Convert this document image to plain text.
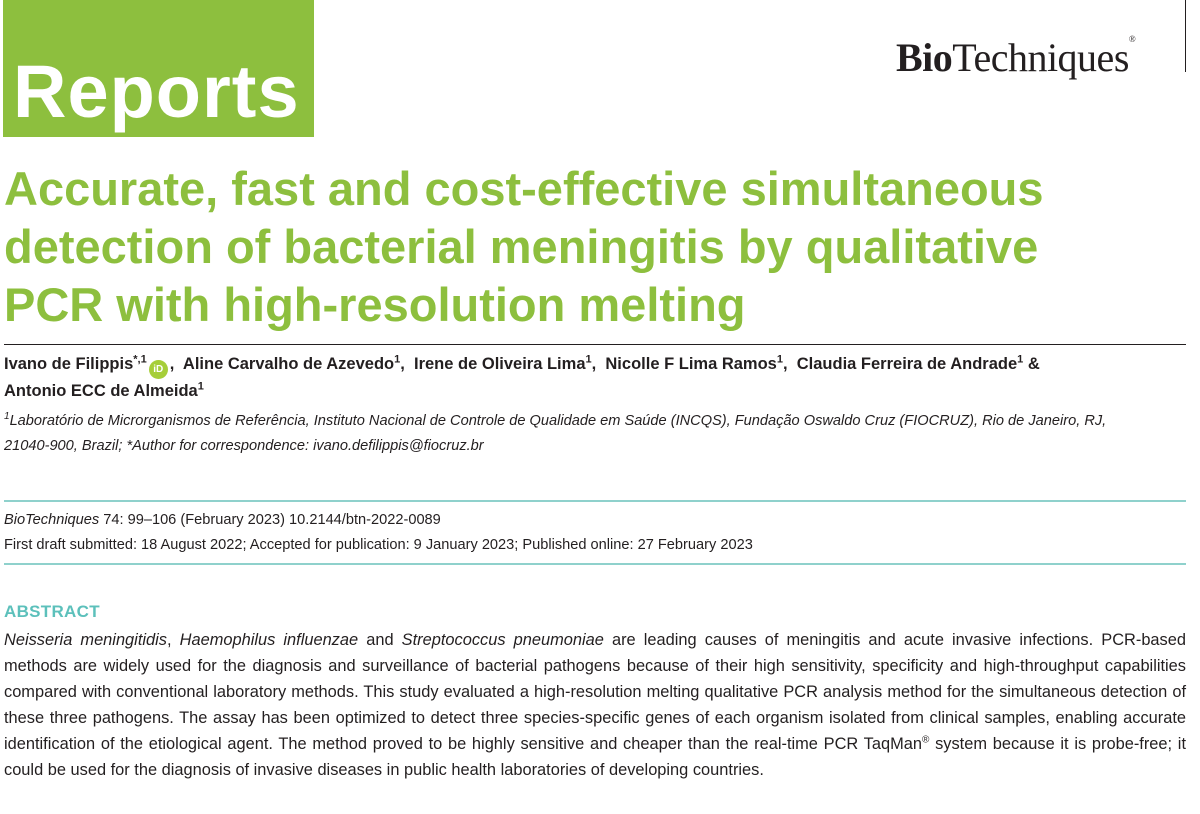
Reports	BioTechniques®
Accurate, fast and cost-effective simultaneous
detection of bacterial meningitis by qualitative
PCR with high-resolution melting
Ivano de Filippis$^{*,1}$iD , Aline Carvalho de Azevedo$^1$, Irene de Oliveira Lima$^1$, Nicolle F Lima Ramos$^1$, Claudia Ferreira de Andrade$^1$ &
Antonio ECC de Almeida$^1$
$^1$Laboratório de Microrganismos de Referência, Instituto Nacional de Controle de Qualidade em Saúde (INCQS), Fundação Oswaldo Cruz (FIOCRUZ), Rio de Janeiro, RJ,
21040-900, Brazil; *Author for correspondence: ivano.defilippis@fiocruz.br
BioTechniques 74: 99–106 (February 2023) 10.2144/btn-2022-0089
First draft submitted: 18 August 2022; Accepted for publication: 9 January 2023; Published online: 27 February 2023
ABSTRACT

Neisseria meningitidis, Haemophilus influenzae and Streptococcus pneumoniae are leading causes of meningitis and acute invasive infections. PCR-based methods are widely used for the diagnosis and surveillance of bacterial pathogens because of their high sensitivity, specificity and high-throughput capabilities compared with conventional laboratory methods. This study evaluated a high-resolution melting qualitative PCR analysis method for the simultaneous detection of these three pathogens. The assay has been optimized to detect three species-specific genes of each organism isolated from clinical samples, enabling accurate identification of the etiological agent. The method proved to be highly sensitive and cheaper than the real-time PCR TaqMan® system because it is probe-free; it could be used for the diagnosis of invasive diseases in public health laboratories of developing countries.
